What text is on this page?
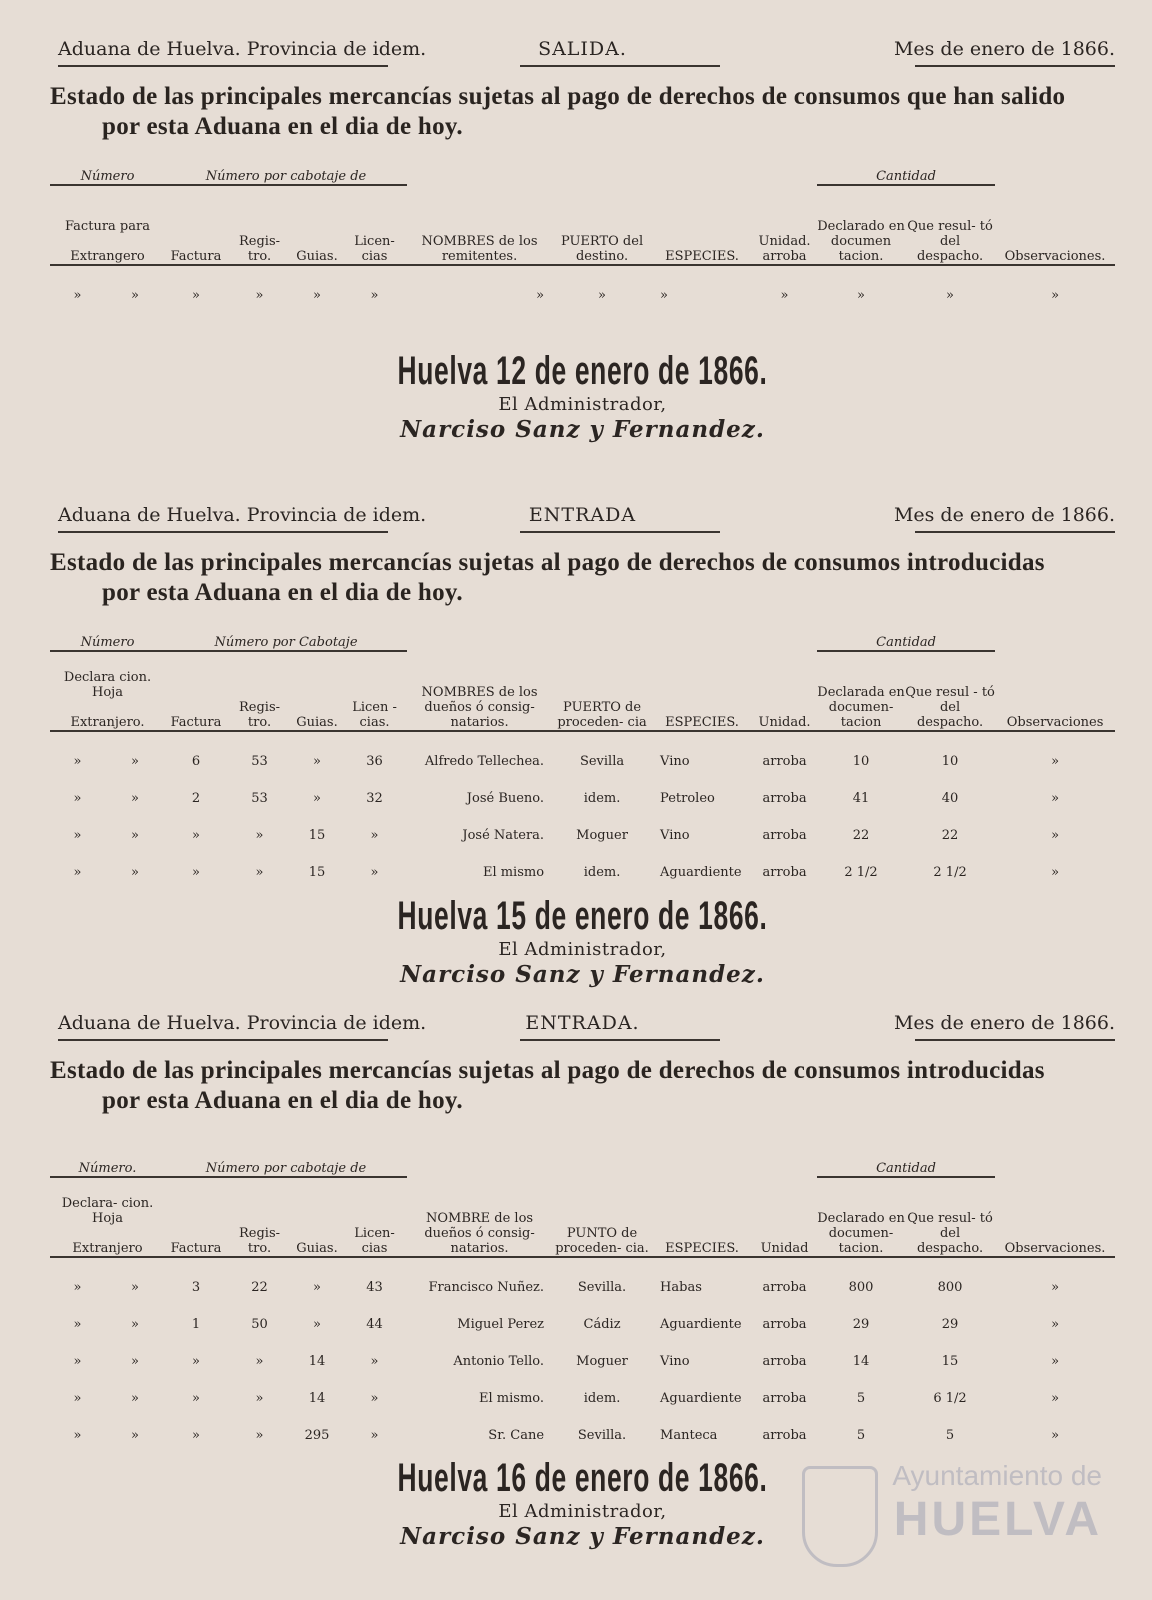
Aduana de Huelva. Provincia de idem.	SALIDA.	Mes de enero de 1866.
Estado de las principales mercancías sujetas al pago de derechos de consumos que han salido
por esta Aduana en el dia de hoy.
Número		Número por cabotaje de								Cantidad		
Factura para

Extrangero		Factura	Regis- tro.	Guias.	Licen- cias	NOMBRES de los remitentes.	PUERTO del destino.	ESPECIES.	Unidad. arroba	Declarado en documen tacion.	Que resul- tó del despacho.	Observaciones.
»	»	»	»	»	»	»	»	»	»	»	»	»
Huelva 12 de enero de 1866.
El Administrador,
Narciso Sanz y Fernandez.
Aduana de Huelva. Provincia de idem.	ENTRADA	Mes de enero de 1866.
Estado de las principales mercancías sujetas al pago de derechos de consumos introducidas
por esta Aduana en el dia de hoy.
Número		Número por Cabotaje								Cantidad		
Declara cion. Hoja

Extranjero.		Factura	Regis- tro.	Guias.	Licen - cias.	NOMBRES de los dueños ó consig- natarios.	PUERTO de proceden- cia	ESPECIES.	Unidad.	Declarada en documen- tacion	Que resul - tó del despacho.	Observaciones
»	»	6	53	»	36	Alfredo Tellechea.	Sevilla	Vino	arroba	10	10	»
»	»	2	53	»	32	José Bueno.	idem.	Petroleo	arroba	41	40	»
»	»	»	»	15	»	José Natera.	Moguer	Vino	arroba	22	22	»
»	»	»	»	15	»	El mismo	idem.	Aguardiente	arroba	2 1/2	2 1/2	»
Huelva 15 de enero de 1866.
El Administrador,
Narciso Sanz y Fernandez.
Aduana de Huelva. Provincia de idem.	ENTRADA.	Mes de enero de 1866.
Estado de las principales mercancías sujetas al pago de derechos de consumos introducidas
por esta Aduana en el dia de hoy.
Número.		Número por cabotaje de								Cantidad		
Declara- cion. Hoja

Extranjero		Factura	Regis- tro.	Guias.	Licen- cias	NOMBRE de los dueños ó consig- natarios.	PUNTO de proceden- cia.	ESPECIES.	Unidad	Declarado en documen- tacion.	Que resul- tó del despacho.	Observaciones.
»	»	3	22	»	43	Francisco Nuñez.	Sevilla.	Habas	arroba	800	800	»
»	»	1	50	»	44	Miguel Perez	Cádiz	Aguardiente	arroba	29	29	»
»	»	»	»	14	»	Antonio Tello.	Moguer	Vino	arroba	14	15	»
»	»	»	»	14	»	El mismo.	idem.	Aguardiente	arroba	5	6 1/2	»
»	»	»	»	295	»	Sr. Cane	Sevilla.	Manteca	arroba	5	5	»
Huelva 16 de enero de 1866.
El Administrador,
Narciso Sanz y Fernandez.
Ayuntamiento de
HUELVA
